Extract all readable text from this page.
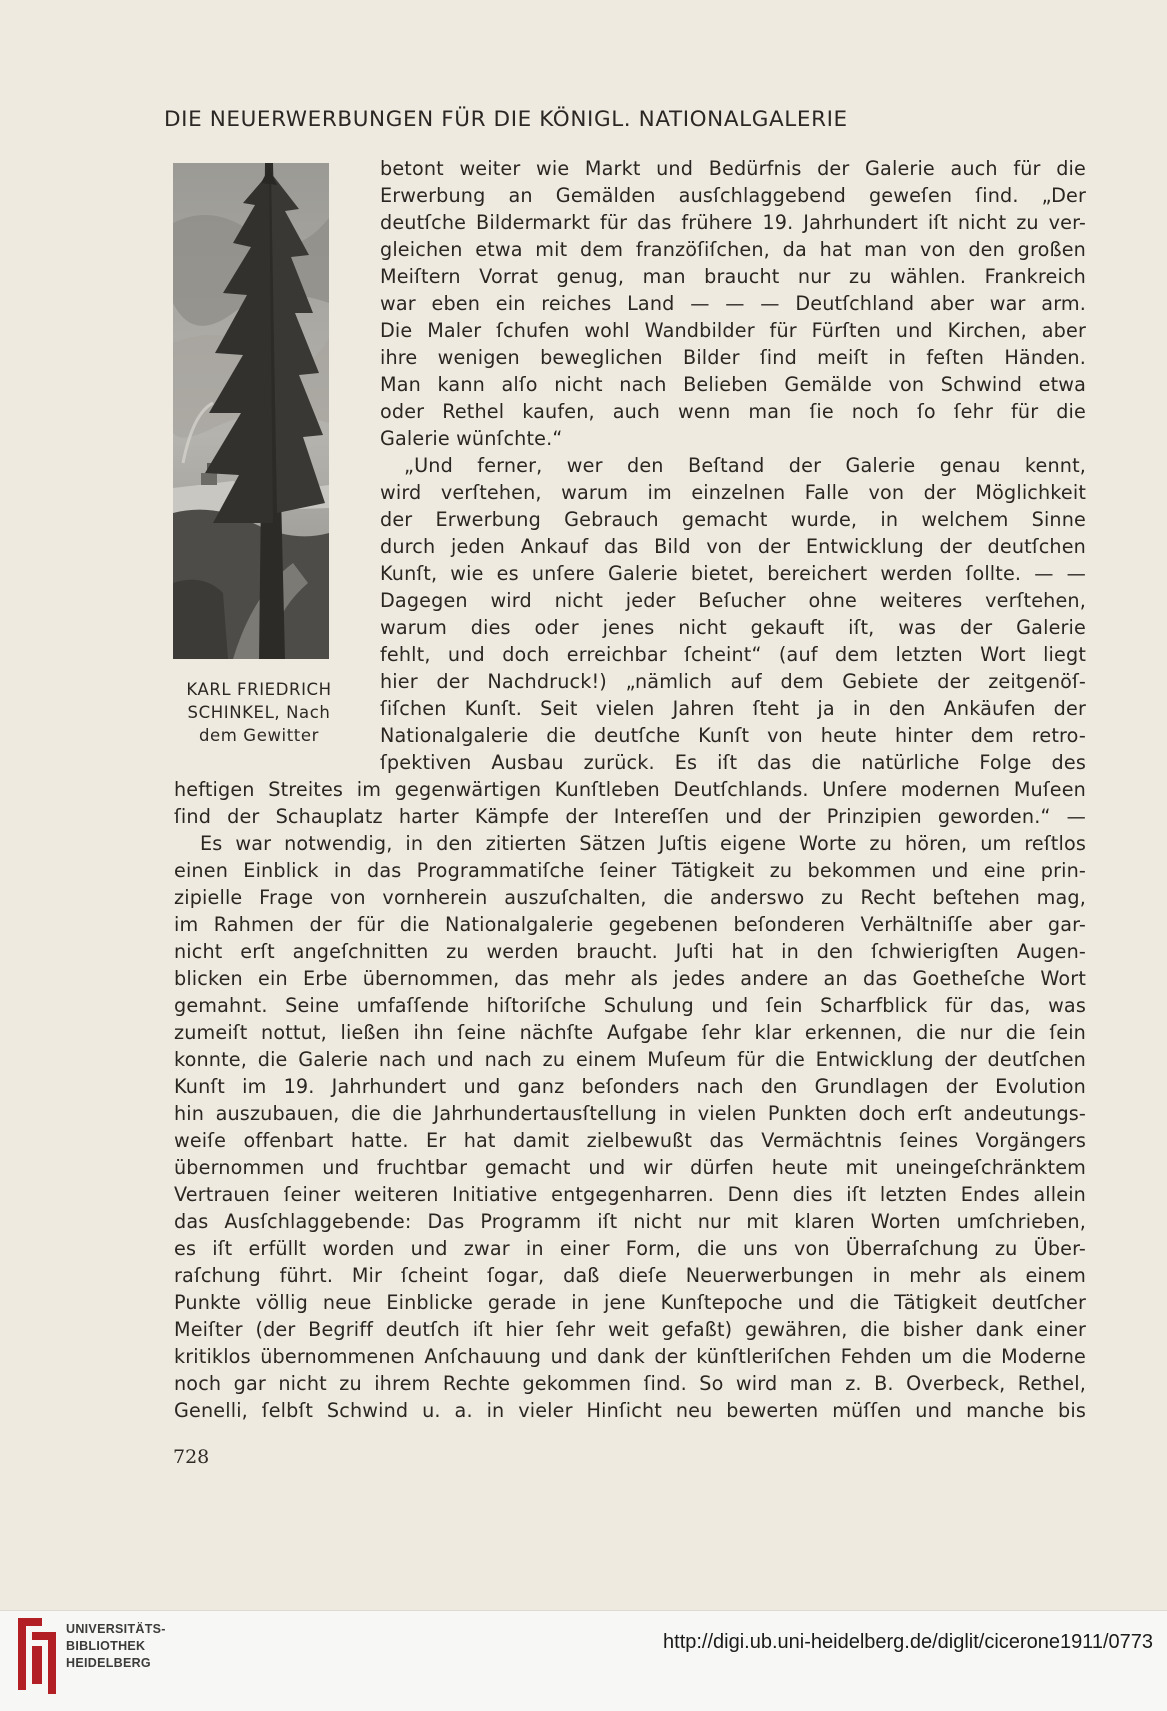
DIE NEUERWERBUNGEN FÜR DIE KÖNIGL. NATIONALGALERIE
KARL FRIEDRICH
SCHINKEL, Nach
dem Gewitter
betont weiter wie Markt und Bedürfnis der Galerie auch für die
Erwerbung an Gemälden ausſchlaggebend geweſen ſind. „Der
deutſche Bildermarkt für das frühere 19. Jahrhundert iſt nicht zu ver-
gleichen etwa mit dem franzöſiſchen, da hat man von den großen
Meiſtern Vorrat genug, man braucht nur zu wählen. Frankreich
war eben ein reiches Land — — — Deutſchland aber war arm.
Die Maler ſchufen wohl Wandbilder für Fürſten und Kirchen, aber
ihre wenigen beweglichen Bilder ſind meiſt in feſten Händen.
Man kann alſo nicht nach Belieben Gemälde von Schwind etwa
oder Rethel kaufen, auch wenn man ſie noch ſo ſehr für die
Galerie wünſchte.“
„Und ferner, wer den Beſtand der Galerie genau kennt,
wird verſtehen, warum im einzelnen Falle von der Möglichkeit
der Erwerbung Gebrauch gemacht wurde, in welchem Sinne
durch jeden Ankauf das Bild von der Entwicklung der deutſchen
Kunſt, wie es unſere Galerie bietet, bereichert werden ſollte. — —
Dagegen wird nicht jeder Beſucher ohne weiteres verſtehen,
warum dies oder jenes nicht gekauft iſt, was der Galerie
fehlt, und doch erreichbar ſcheint“ (auf dem letzten Wort liegt
hier der Nachdruck!) „nämlich auf dem Gebiete der zeitgenöſ-
ſiſchen Kunſt. Seit vielen Jahren ſteht ja in den Ankäufen der
Nationalgalerie die deutſche Kunſt von heute hinter dem retro-
ſpektiven Ausbau zurück. Es iſt das die natürliche Folge des
heftigen Streites im gegenwärtigen Kunſtleben Deutſchlands. Unſere modernen Muſeen
ſind der Schauplatz harter Kämpfe der Intereſſen und der Prinzipien geworden.“ —
Es war notwendig, in den zitierten Sätzen Juſtis eigene Worte zu hören, um reſtlos
einen Einblick in das Programmatiſche ſeiner Tätigkeit zu bekommen und eine prin-
zipielle Frage von vornherein auszuſchalten, die anderswo zu Recht beſtehen mag,
im Rahmen der für die Nationalgalerie gegebenen beſonderen Verhältniſſe aber gar-
nicht erſt angeſchnitten zu werden braucht. Juſti hat in den ſchwierigſten Augen-
blicken ein Erbe übernommen, das mehr als jedes andere an das Goetheſche Wort
gemahnt. Seine umfaſſende hiſtoriſche Schulung und ſein Scharfblick für das, was
zumeiſt nottut, ließen ihn ſeine nächſte Aufgabe ſehr klar erkennen, die nur die ſein
konnte, die Galerie nach und nach zu einem Muſeum für die Entwicklung der deutſchen
Kunſt im 19. Jahrhundert und ganz beſonders nach den Grundlagen der Evolution
hin auszubauen, die die Jahrhundertausſtellung in vielen Punkten doch erſt andeutungs-
weiſe offenbart hatte. Er hat damit zielbewußt das Vermächtnis ſeines Vorgängers
übernommen und fruchtbar gemacht und wir dürfen heute mit uneingeſchränktem
Vertrauen ſeiner weiteren Initiative entgegenharren. Denn dies iſt letzten Endes allein
das Ausſchlaggebende: Das Programm iſt nicht nur mit klaren Worten umſchrieben,
es iſt erfüllt worden und zwar in einer Form, die uns von Überraſchung zu Über-
raſchung führt. Mir ſcheint ſogar, daß dieſe Neuerwerbungen in mehr als einem
Punkte völlig neue Einblicke gerade in jene Kunſtepoche und die Tätigkeit deutſcher
Meiſter (der Begriff deutſch iſt hier ſehr weit gefaßt) gewähren, die bisher dank einer
kritiklos übernommenen Anſchauung und dank der künſtleriſchen Fehden um die Moderne
noch gar nicht zu ihrem Rechte gekommen ſind. So wird man z. B. Overbeck, Rethel,
Genelli, ſelbſt Schwind u. a. in vieler Hinſicht neu bewerten müſſen und manche bis
728
UNIVERSITÄTS-
BIBLIOTHEK
HEIDELBERG
http://digi.ub.uni-heidelberg.de/diglit/cicerone1911/0773
